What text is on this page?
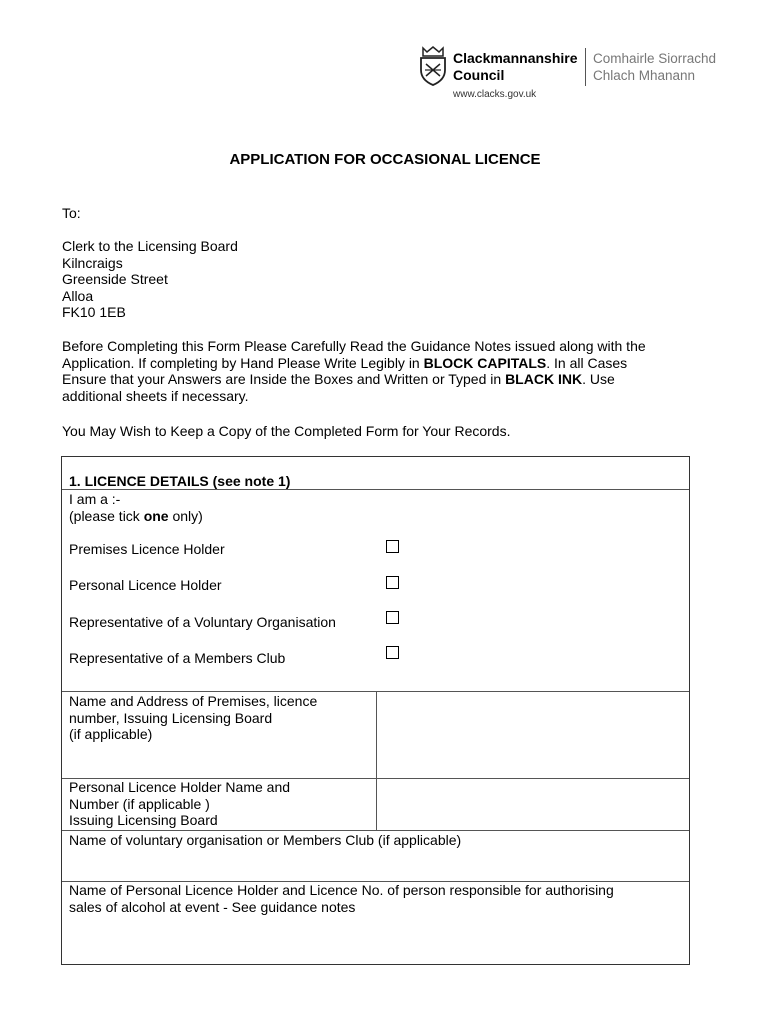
Clackmannanshire
Council
Comhairle Siorrachd
Chlach Mhanann
www.clacks.gov.uk
APPLICATION FOR OCCASIONAL LICENCE
To:
Clerk to the Licensing Board
Kilncraigs
Greenside Street
Alloa
FK10 1EB
Before Completing this Form Please Carefully Read the Guidance Notes issued along with the Application. If completing by Hand Please Write Legibly in BLOCK CAPITALS. In all Cases Ensure that your Answers are Inside the Boxes and Written or Typed in BLACK INK. Use additional sheets if necessary.
You May Wish to Keep a Copy of the Completed Form for Your Records.
1. LICENCE DETAILS (see note 1)
I am a :-
(please tick one only)
Premises Licence Holder
Personal Licence Holder
Representative of a Voluntary Organisation
Representative of a Members Club
Name and Address of Premises, licence
number, Issuing Licensing Board
(if applicable)
Personal Licence Holder Name and
Number (if applicable )
Issuing Licensing Board
Name of voluntary organisation or Members Club (if applicable)
Name of Personal Licence Holder and Licence No. of person responsible for authorising
sales of alcohol at event - See guidance notes
